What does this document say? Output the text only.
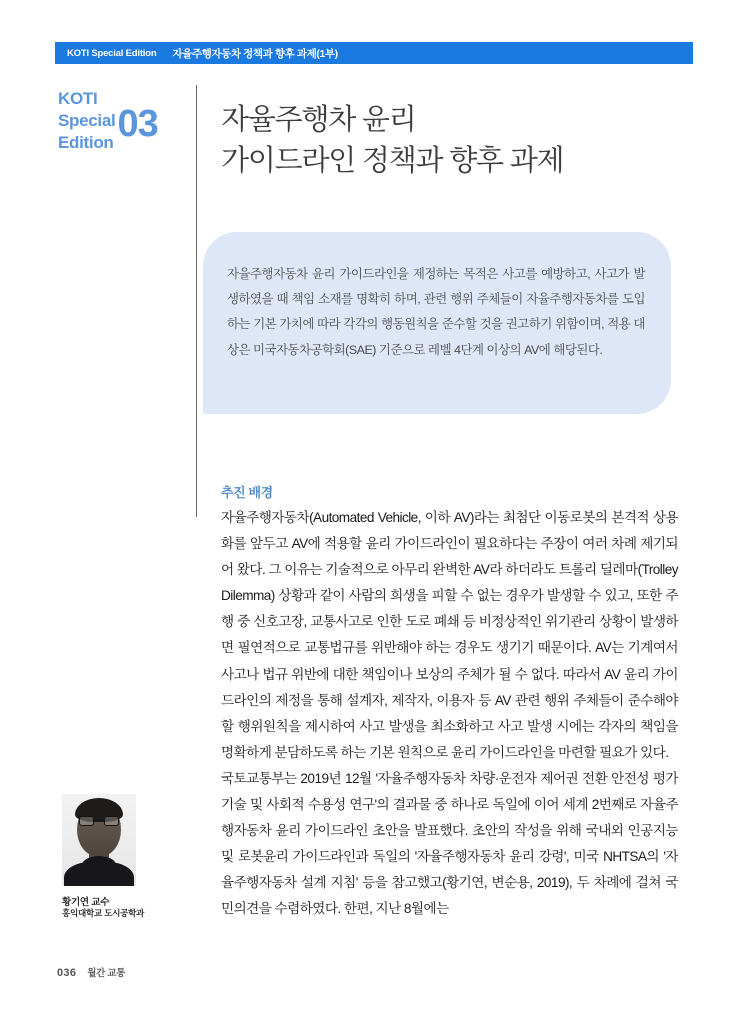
KOTI Special Edition 자율주행자동차 정책과 향후 과제(1부)
KOTI
Special
Edition 03	자율주행차 윤리
가이드라인 정책과 향후 과제
자율주행자동차 윤리 가이드라인을 제정하는 목적은 사고를 예방하고, 사고가 발생하였을 때 책임 소재를 명확히 하며, 관련 행위 주체들이 자율주행자동차를 도입하는 기본 가치에 따라 각각의 행동원칙을 준수할 것을 권고하기 위함이며, 적용 대상은 미국자동차공학회(SAE) 기준으로 레벨 4단계 이상의 AV에 해당된다.
추진 배경

자율주행자동차(Automated Vehicle, 이하 AV)라는 최첨단 이동로봇의 본격적 상용화를 앞두고 AV에 적용할 윤리 가이드라인이 필요하다는 주장이 여러 차례 제기되어 왔다. 그 이유는 기술적으로 아무리 완벽한 AV라 하더라도 트롤리 딜레마(Trolley Dilemma) 상황과 같이 사람의 희생을 피할 수 없는 경우가 발생할 수 있고, 또한 주행 중 신호고장, 교통사고로 인한 도로 폐쇄 등 비정상적인 위기관리 상황이 발생하면 필연적으로 교통법규를 위반해야 하는 경우도 생기기 때문이다. AV는 기계여서 사고나 법규 위반에 대한 책임이나 보상의 주체가 될 수 없다. 따라서 AV 윤리 가이드라인의 제정을 통해 설계자, 제작자, 이용자 등 AV 관련 행위 주체들이 준수해야 할 행위원칙을 제시하여 사고 발생을 최소화하고 사고 발생 시에는 각자의 책임을 명확하게 분담하도록 하는 기본 원칙으로 윤리 가이드라인을 마련할 필요가 있다.

국토교통부는 2019년 12월 '자율주행자동차 차량·운전자 제어권 전환 안전성 평가기술 및 사회적 수용성 연구'의 결과물 중 하나로 독일에 이어 세계 2번째로 자율주행자동차 윤리 가이드라인 초안을 발표했다. 초안의 작성을 위해 국내외 인공지능 및 로봇윤리 가이드라인과 독일의 '자율주행자동차 윤리 강령', 미국 NHTSA의 '자율주행자동차 설계 지침' 등을 참고했고(황기연, 변순용, 2019), 두 차례에 걸쳐 국민의견을 수렴하였다. 한편, 지난 8월에는

황기연 교수
홍익대학교 도시공학과
036 월간 교통
